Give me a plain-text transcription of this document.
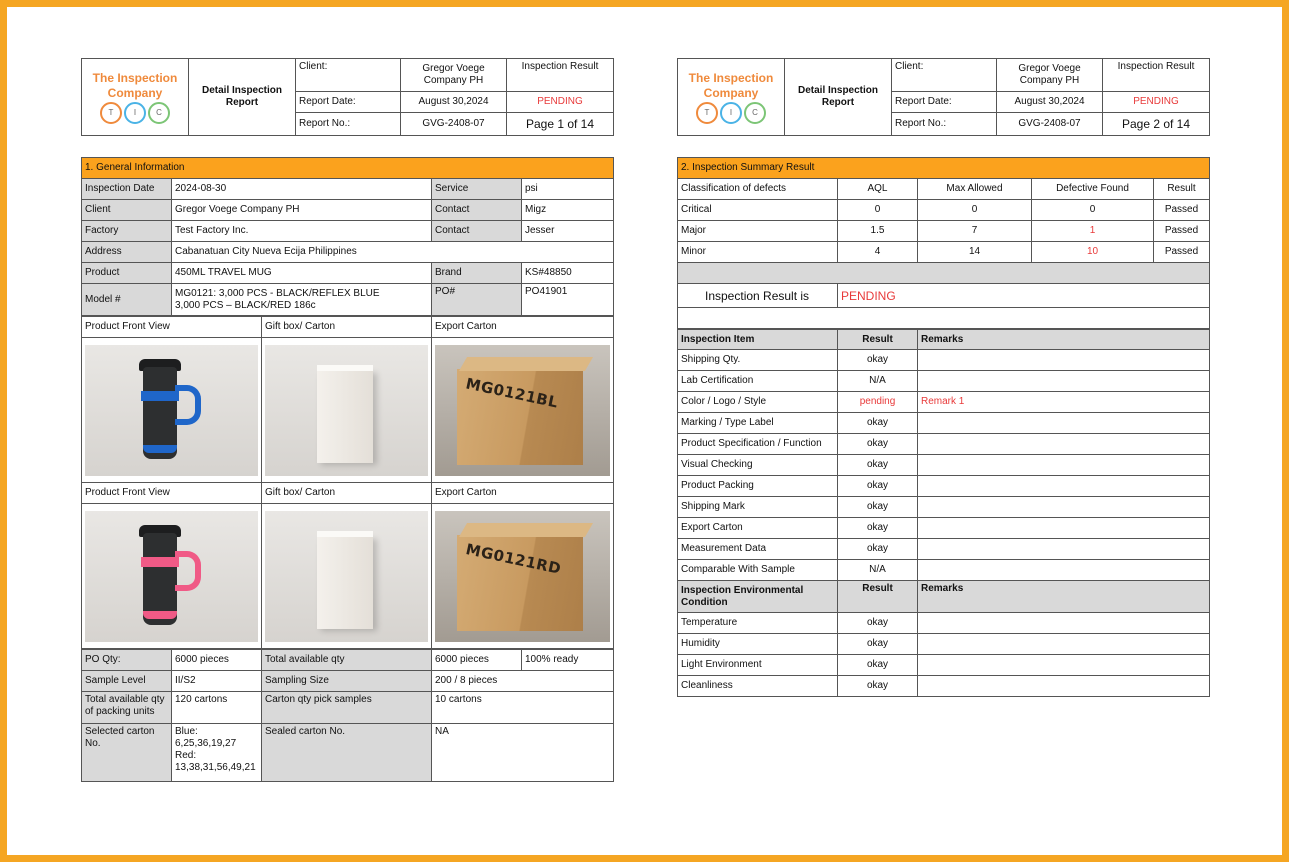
The Inspection
Company
T I C	Detail Inspection Report	Client:	Gregor Voege Company PH	Inspection Result
		Report Date:	August 30,2024	PENDING
		Report No.:	GVG-2408-07	Page 1 of 14
1. General Information			
Inspection Date	2024-08-30	Service	psi
Client	Gregor Voege Company PH	Contact	Migz
Factory	Test Factory Inc.	Contact	Jesser
Address	Cabanatuan City Nueva Ecija Philippines		
Product	450ML TRAVEL MUG	Brand	KS#48850
Model #	MG0121: 3,000 PCS - BLACK/REFLEX BLUE
3,000 PCS – BLACK/RED 186c	PO#	PO41901
Product Front View	Gift box/ Carton	Export Carton

		MG0121BL

Product Front View	Gift box/ Carton	Export Carton

		MG0121RD
PO Qty:	6000 pieces	Total available qty	6000 pieces	100% ready
Sample Level	II/S2	Sampling Size	200 / 8 pieces	
Total available qty of packing units	120 cartons	Carton qty pick samples	10 cartons	
Selected carton No.	Blue:
6,25,36,19,27
Red:
13,38,31,56,49,21	Sealed carton No.	NA	
The Inspection
Company
T I C	Detail Inspection Report	Client:	Gregor Voege Company PH	Inspection Result
		Report Date:	August 30,2024	PENDING
		Report No.:	GVG-2408-07	Page 2 of 14
2. Inspection Summary Result				
Classification of defects	AQL	Max Allowed	Defective Found	Result
Critical	0	0	0	Passed
Major	1.5	7	1	Passed
Minor	4	14	10	Passed

Inspection Result is	PENDING			

Inspection Item	Result	Remarks
Shipping Qty.	okay	
Lab Certification	N/A	
Color / Logo / Style	pending	Remark 1
Marking / Type Label	okay	
Product Specification / Function	okay	
Visual Checking	okay	
Product Packing	okay	
Shipping Mark	okay	
Export Carton	okay	
Measurement Data	okay	
Comparable With Sample	N/A	
Inspection Environmental Condition	Result	Remarks
Temperature	okay	
Humidity	okay	
Light Environment	okay	
Cleanliness	okay	
